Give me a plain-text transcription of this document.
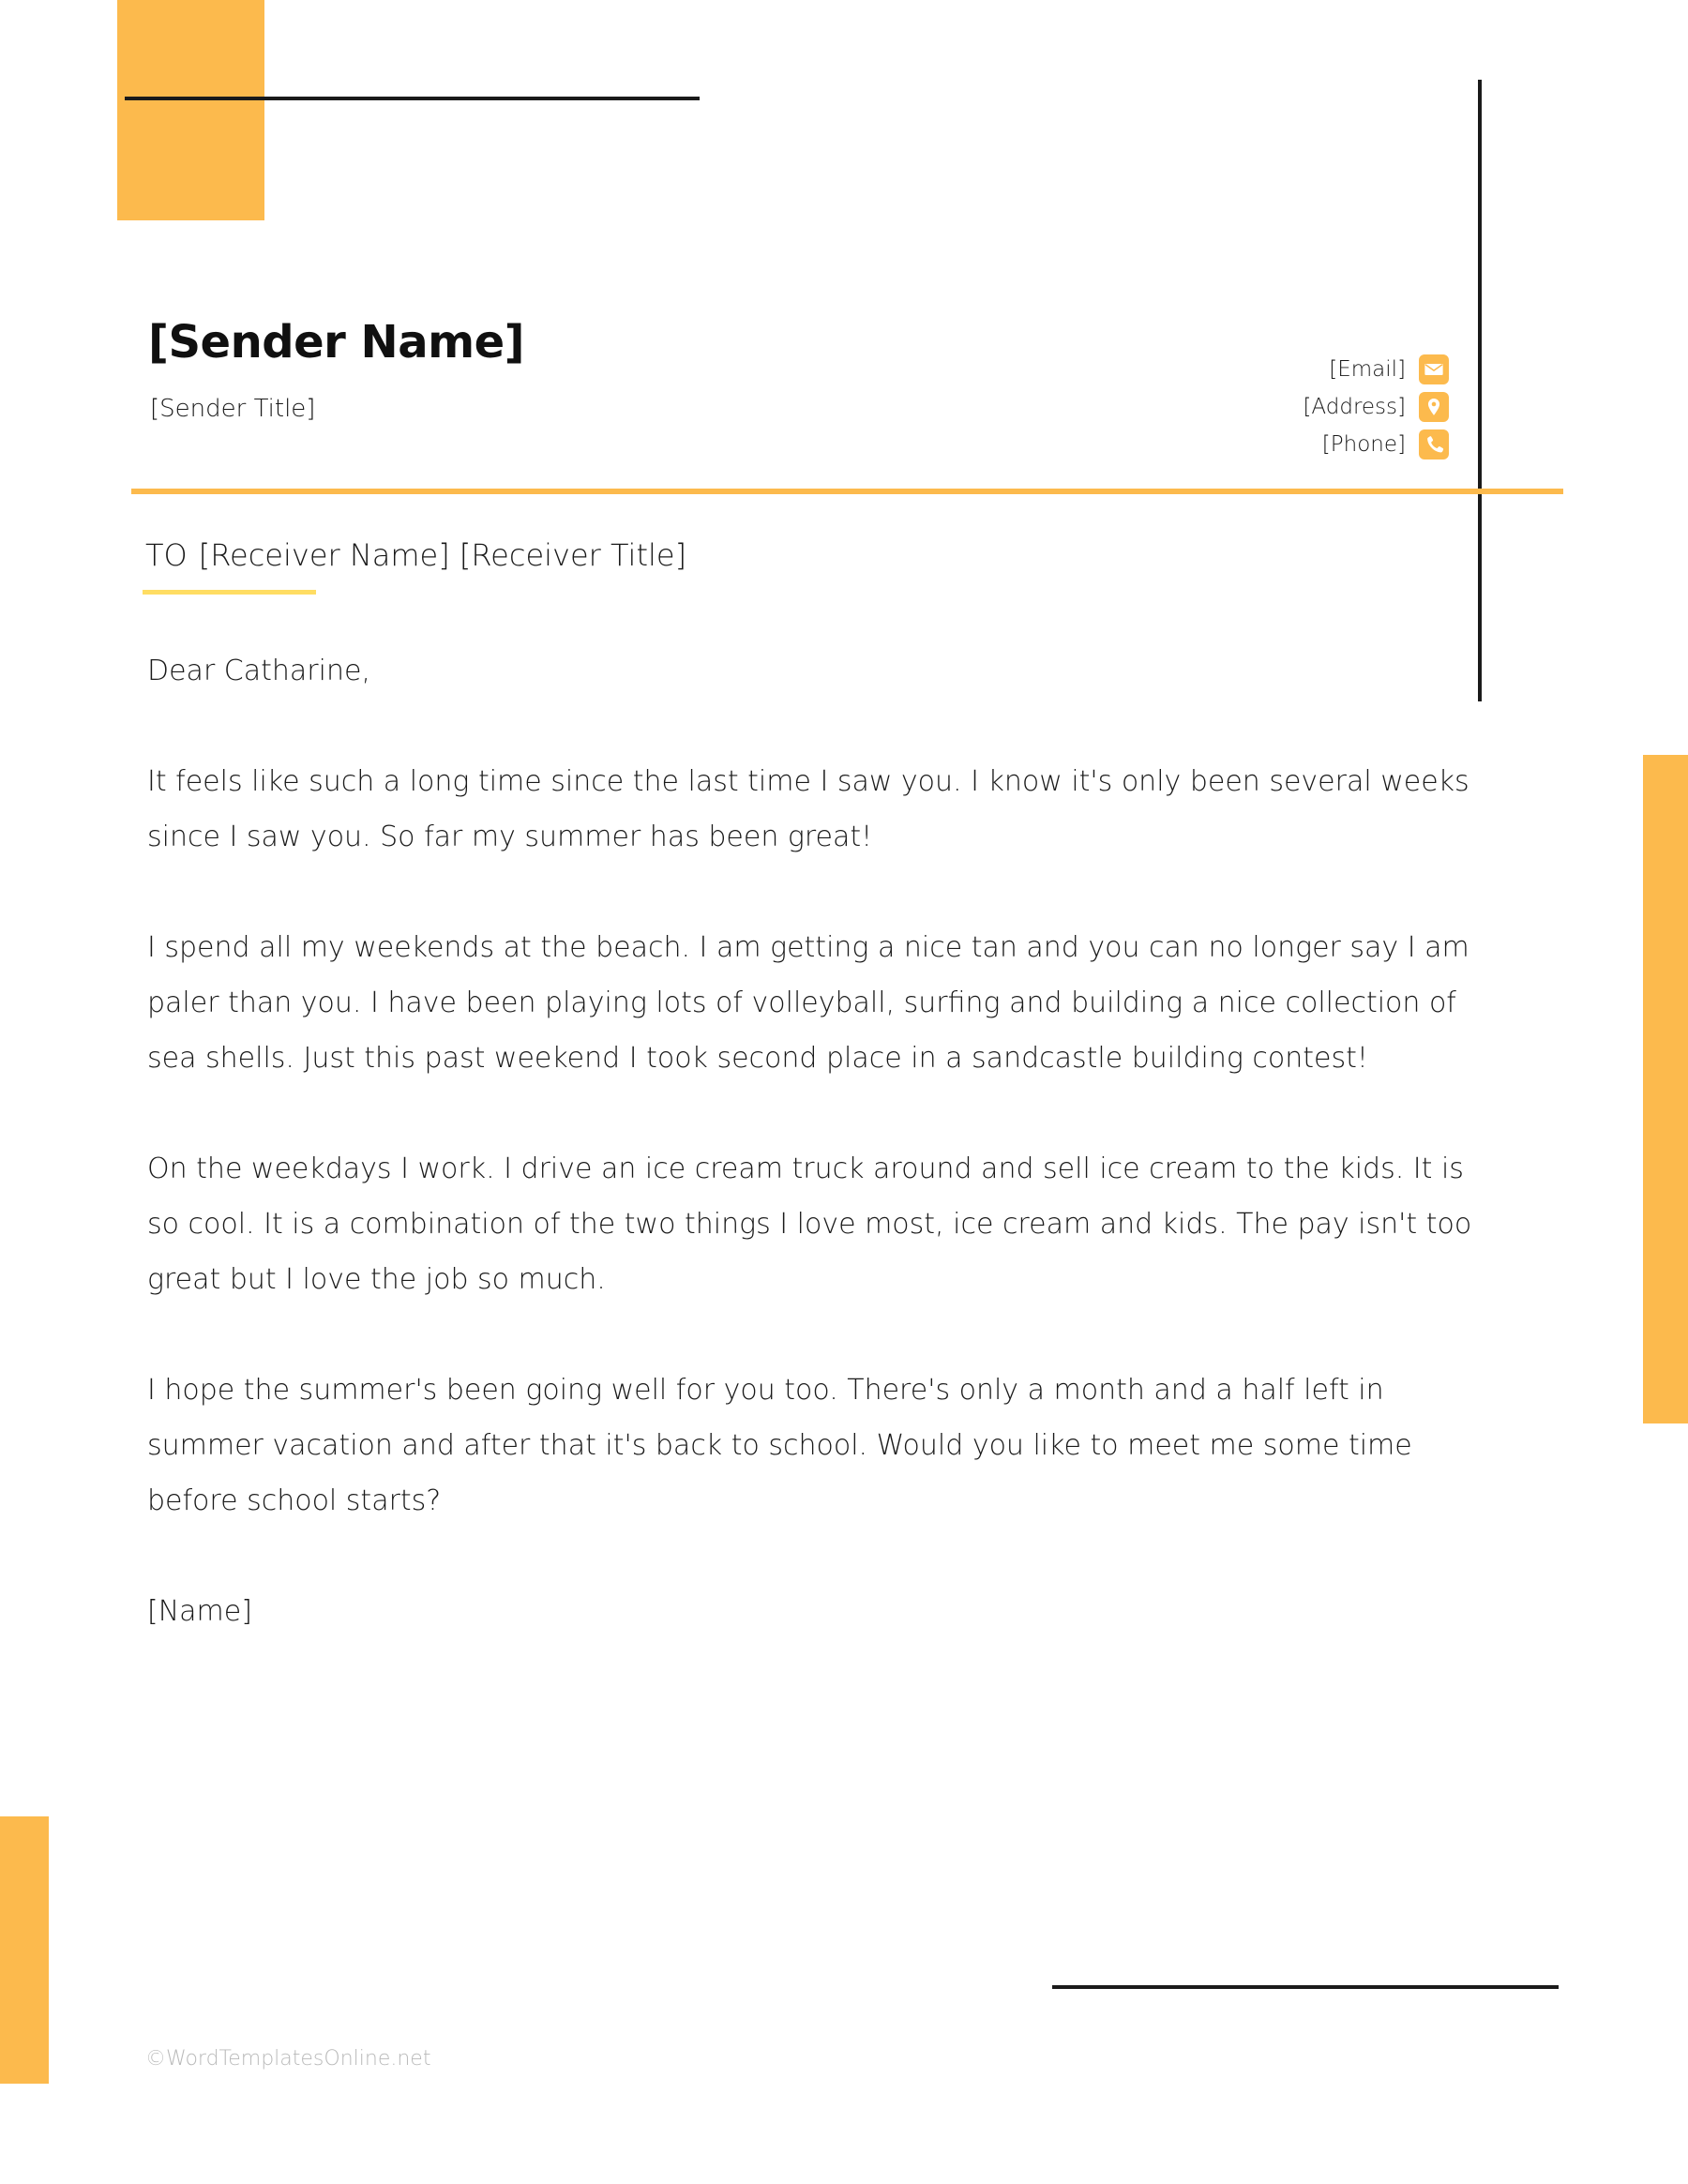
[Sender Name]
[Sender Title]
[Email]
[Address]
[Phone]
TO [Receiver Name] [Receiver Title]

Dear Catharine,

It feels like such a long time since the last time I saw you. I know it's only been several weeks since I saw you. So far my summer has been great!

I spend all my weekends at the beach. I am getting a nice tan and you can no longer say I am paler than you. I have been playing lots of volleyball, surfing and building a nice collection of sea shells. Just this past weekend I took second place in a sandcastle building contest!

On the weekdays I work. I drive an ice cream truck around and sell ice cream to the kids. It is so cool. It is a combination of the two things I love most, ice cream and kids. The pay isn't too great but I love the job so much.

I hope the summer's been going well for you too. There's only a month and a half left in summer vacation and after that it's back to school. Would you like to meet me some time before school starts?

[Name]

©WordTemplatesOnline.net
